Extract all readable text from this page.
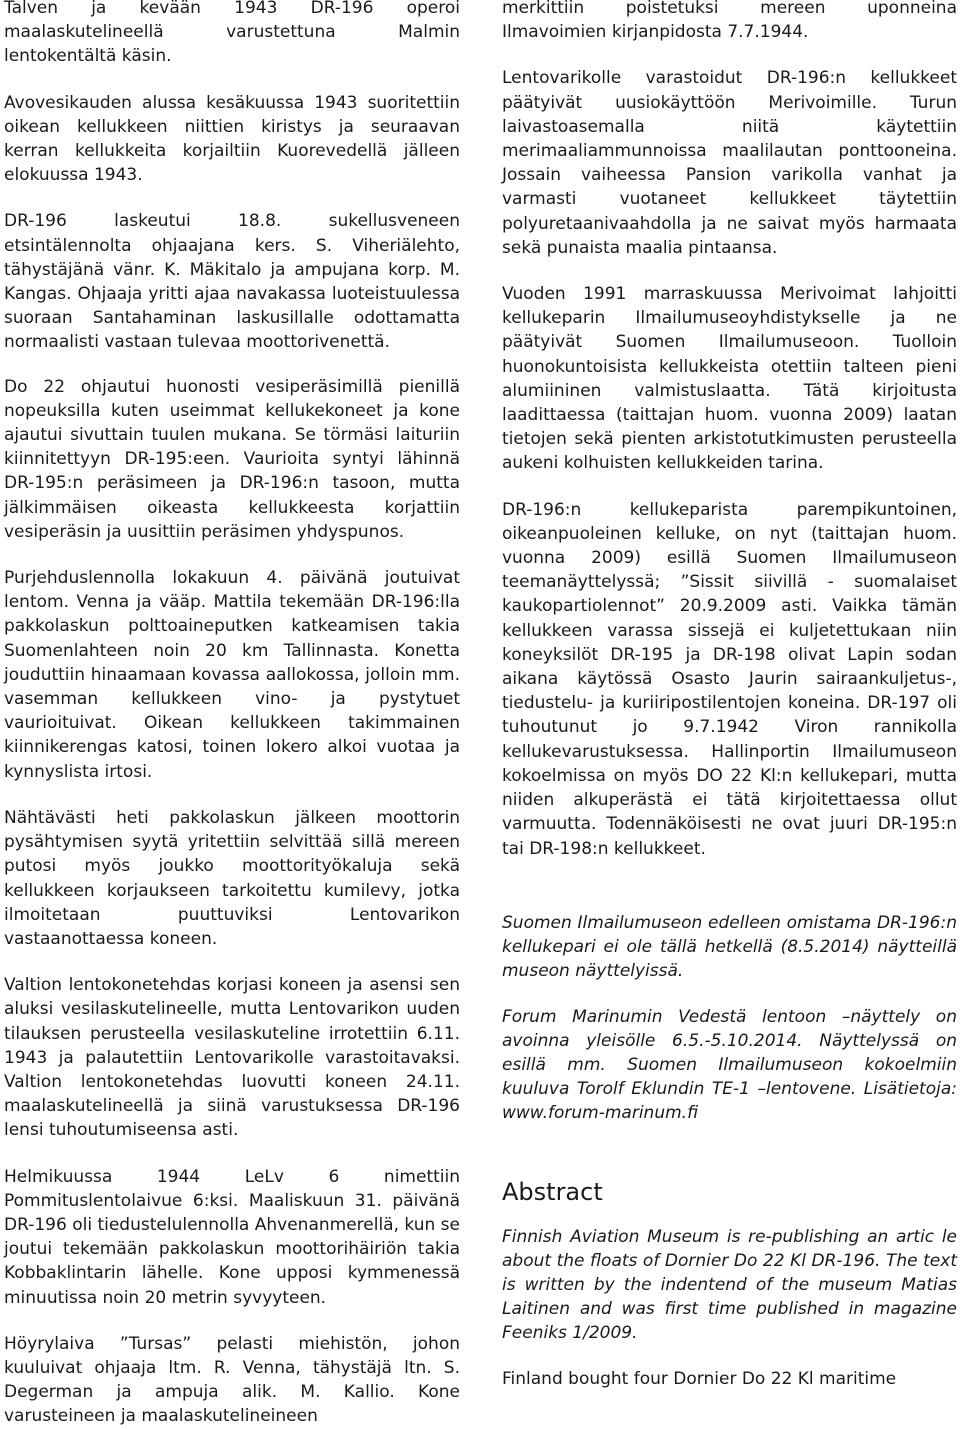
Talven ja kevään 1943 DR-196 operoi maalaskutelineellä varustettuna Malmin lentokentältä käsin.

Avovesikauden alussa kesäkuussa 1943 suoritettiin oikean kellukkeen niittien kiristys ja seuraavan kerran kellukkeita korjailtiin Kuorevedellä jälleen elokuussa 1943.

DR-196 laskeutui 18.8. sukellusveneen etsintälennolta ohjaajana kers. S. Viheriälehto, tähystäjänä vänr. K. Mäkitalo ja ampujana korp. M. Kangas. Ohjaaja yritti ajaa navakassa luoteistuulessa suoraan Santahaminan laskusillalle odottamatta normaalisti vastaan tulevaa moottorivenettä.

Do 22 ohjautui huonosti vesiperäsimillä pienillä nopeuksilla kuten useimmat kellukekoneet ja kone ajautui sivuttain tuulen mukana. Se törmäsi laituriin kiinnitettyyn DR-195:een. Vaurioita syntyi lähinnä DR-195:n peräsimeen ja DR-196:n tasoon, mutta jälkimmäisen oikeasta kellukkeesta korjattiin vesiperäsin ja uusittiin peräsimen yhdyspunos.

Purjehduslennolla lokakuun 4. päivänä joutuivat lentom. Venna ja vääp. Mattila tekemään DR-196:lla pakkolaskun polttoaineputken katkeamisen takia Suomenlahteen noin 20 km Tallinnasta. Konetta jouduttiin hinaamaan kovassa aallokossa, jolloin mm. vasemman kellukkeen vino- ja pystytuet vaurioituivat. Oikean kellukkeen takimmainen kiinnikerengas katosi, toinen lokero alkoi vuotaa ja kynnyslista irtosi.

Nähtävästi heti pakkolaskun jälkeen moottorin pysähtymisen syytä yritettiin selvittää sillä mereen putosi myös joukko moottorityökaluja sekä kellukkeen korjaukseen tarkoitettu kumilevy, jotka ilmoitetaan puuttuviksi Lentovarikon vastaanottaessa koneen.

Valtion lentokonetehdas korjasi koneen ja asensi sen aluksi vesilaskutelineelle, mutta Lentovarikon uuden tilauksen perusteella vesilaskuteline irrotettiin 6.11. 1943 ja palautettiin Lentovarikolle varastoitavaksi. Valtion lentokonetehdas luovutti koneen 24.11. maalaskutelineellä ja siinä varustuksessa DR-196 lensi tuhoutumiseensa asti.

Helmikuussa 1944 LeLv 6 nimettiin Pommituslentolaivue 6:ksi. Maaliskuun 31. päivänä DR-196 oli tiedustelulennolla Ahvenanmerellä, kun se joutui tekemään pakkolaskun moottorihäiriön takia Kobbaklintarin lähelle. Kone upposi kymmenessä minuutissa noin 20 metrin syvyyteen.

Höyrylaiva ”Tursas” pelasti miehistön, johon kuuluivat ohjaaja ltm. R. Venna, tähystäjä ltn. S. Degerman ja ampuja alik. M. Kallio. Kone varusteineen ja maalaskutelineineen

merkittiin poistetuksi mereen uponneina Ilmavoimien kirjanpidosta 7.7.1944.

Lentovarikolle varastoidut DR-196:n kellukkeet päätyivät uusiokäyttöön Merivoimille. Turun laivastoasemalla niitä käytettiin merimaaliammunnoissa maalilautan ponttooneina. Jossain vaiheessa Pansion varikolla vanhat ja varmasti vuotaneet kellukkeet täytettiin polyuretaanivaahdolla ja ne saivat myös harmaata sekä punaista maalia pintaansa.

Vuoden 1991 marraskuussa Merivoimat lahjoitti kellukeparin Ilmailumuseoyhdistykselle ja ne päätyivät Suomen Ilmailumuseoon. Tuolloin huonokuntoisista kellukkeista otettiin talteen pieni alumiininen valmistuslaatta. Tätä kirjoitusta laadittaessa (taittajan huom. vuonna 2009) laatan tietojen sekä pienten arkistotutkimusten perusteella aukeni kolhuisten kellukkeiden tarina.

DR-196:n kellukeparista parempikuntoinen, oikeanpuoleinen kelluke, on nyt (taittajan huom. vuonna 2009) esillä Suomen Ilmailumuseon teemanäyttelyssä; ”Sissit siivillä - suomalaiset kaukopartiolennot” 20.9.2009 asti. Vaikka tämän kellukkeen varassa sissejä ei kuljetettukaan niin koneyksilöt DR-195 ja DR-198 olivat Lapin sodan aikana käytössä Osasto Jaurin sairaankuljetus-, tiedustelu- ja kuriiripostilentojen koneina. DR-197 oli tuhoutunut jo 9.7.1942 Viron rannikolla kellukevarustuksessa. Hallinportin Ilmailumuseon kokoelmissa on myös DO 22 Kl:n kellukepari, mutta niiden alkuperästä ei tätä kirjoitettaessa ollut varmuutta. Todennäköisesti ne ovat juuri DR-195:n tai DR-198:n kellukkeet.

Suomen Ilmailumuseon edelleen omistama DR-196:n kellukepari ei ole tällä hetkellä (8.5.2014) näytteillä museon näyttelyissä.

Forum Marinumin Vedestä lentoon –näyttely on avoinna yleisölle 6.5.-5.10.2014. Näyttelyssä on esillä mm. Suomen Ilmailumuseon kokoelmiin kuuluva Torolf Eklundin TE-1 –lentovene. Lisätietoja: www.forum-marinum.fi

Abstract

Finnish Aviation Museum is re-publishing an artic le about the floats of Dornier Do 22 Kl DR-196. The text is written by the indentend of the museum Matias Laitinen and was first time published in magazine Feeniks 1/2009.

Finland bought four Dornier Do 22 Kl maritime
